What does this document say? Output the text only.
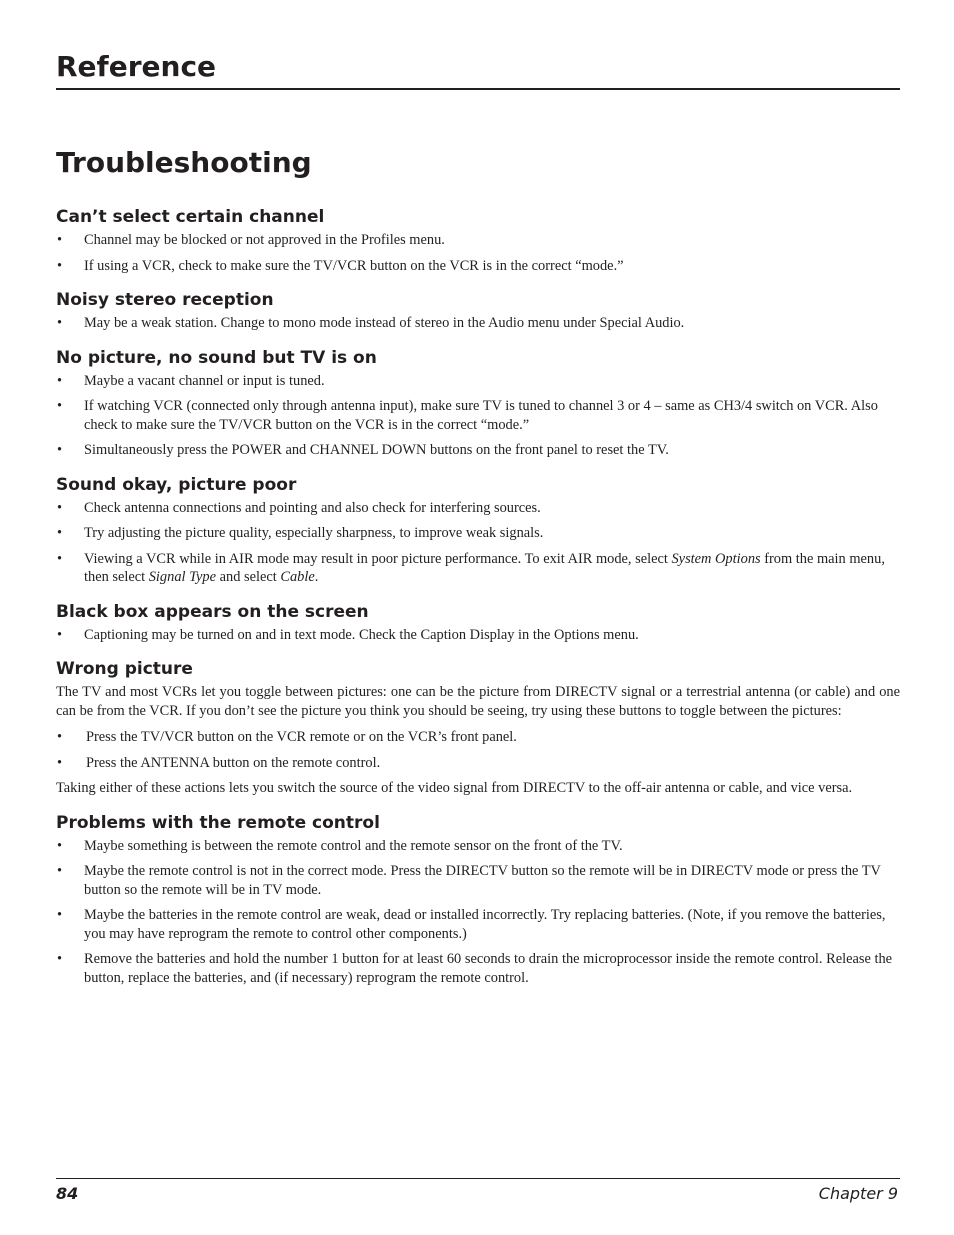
Reference
Troubleshooting
Can’t select certain channel
• Channel may be blocked or not approved in the Profiles menu.
• If using a VCR, check to make sure the TV/VCR button on the VCR is in the correct “mode.”
Noisy stereo reception
• May be a weak station. Change to mono mode instead of stereo in the Audio menu under Special Audio.
No picture, no sound but TV is on
• Maybe a vacant channel or input is tuned.
• If watching VCR (connected only through antenna input), make sure TV is tuned to channel 3 or 4 – same as CH3/4 switch on VCR. Also check to make sure the TV/VCR button on the VCR is in the correct “mode.”
• Simultaneously press the POWER and CHANNEL DOWN buttons on the front panel to reset the TV.
Sound okay, picture poor
• Check antenna connections and pointing and also check for interfering sources.
• Try adjusting the picture quality, especially sharpness, to improve weak signals.
• Viewing a VCR while in AIR mode may result in poor picture performance. To exit AIR mode, select System Options from the main menu, then select Signal Type and select Cable.
Black box appears on the screen
• Captioning may be turned on and in text mode. Check the Caption Display in the Options menu.
Wrong picture

The TV and most VCRs let you toggle between pictures: one can be the picture from DIRECTV signal or a terrestrial antenna (or cable) and one can be from the VCR. If you don’t see the picture you think you should be seeing, try using these buttons to toggle between the pictures:

• Press the TV/VCR button on the VCR remote or on the VCR’s front panel.
• Press the ANTENNA button on the remote control.

Taking either of these actions lets you switch the source of the video signal from DIRECTV to the off-air antenna or cable, and vice versa.

Problems with the remote control
• Maybe something is between the remote control and the remote sensor on the front of the TV.
• Maybe the remote control is not in the correct mode. Press the DIRECTV button so the remote will be in DIRECTV mode or press the TV button so the remote will be in TV mode.
• Maybe the batteries in the remote control are weak, dead or installed incorrectly. Try replacing batteries. (Note, if you remove the batteries, you may have reprogram the remote to control other components.)
• Remove the batteries and hold the number 1 button for at least 60 seconds to drain the microprocessor inside the remote control. Release the button, replace the batteries, and (if necessary) reprogram the remote control.
84	Chapter 9
